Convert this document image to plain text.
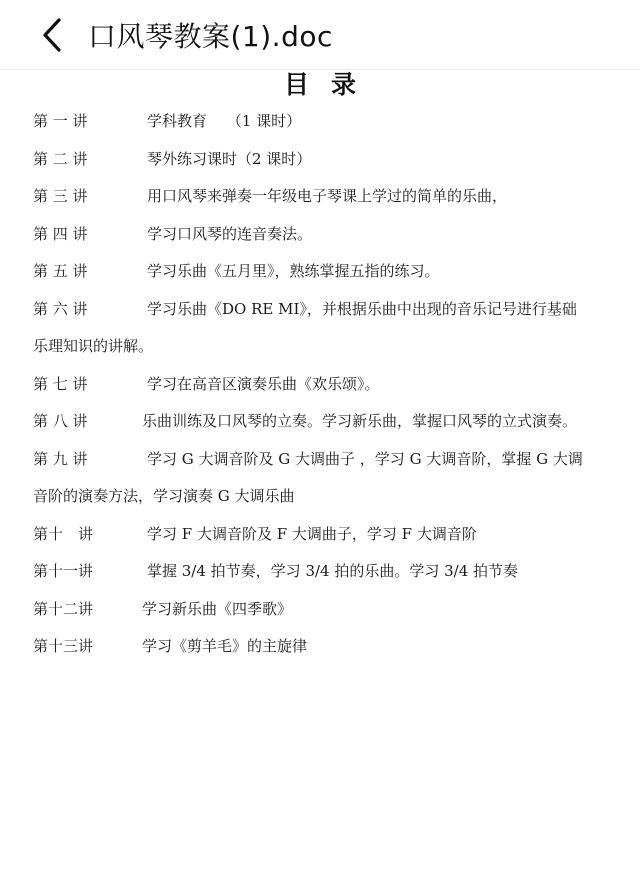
口风琴教案(1).doc
目录
第 一 讲	学科教育　 （1 课时）
第 二 讲	琴外练习课时（2 课时）
第 三 讲	用口风琴来弹奏一年级电子琴课上学过的简单的乐曲，
第 四 讲	学习口风琴的连音奏法。
第 五 讲	学习乐曲《五月里》，熟练掌握五指的练习。
第 六 讲	学习乐曲《DO RE MI》，并根据乐曲中出现的音乐记号进行基础
乐理知识的讲解。
第 七 讲	学习在高音区演奏乐曲《欢乐颂》。
第 八 讲	乐曲训练及口风琴的立奏。学习新乐曲，掌握口风琴的立式演奏。
第 九 讲	学习 G 大调音阶及 G 大调曲子 ，学习 G 大调音阶，掌握 G 大调
音阶的演奏方法，学习演奏 G 大调乐曲
第十　讲	学习 F 大调音阶及 F 大调曲子，学习 F 大调音阶
第十一讲	掌握 3/4 拍节奏，学习 3/4 拍的乐曲。学习 3/4 拍节奏
第十二讲	学习新乐曲《四季歌》
第十三讲	学习《剪羊毛》的主旋律
